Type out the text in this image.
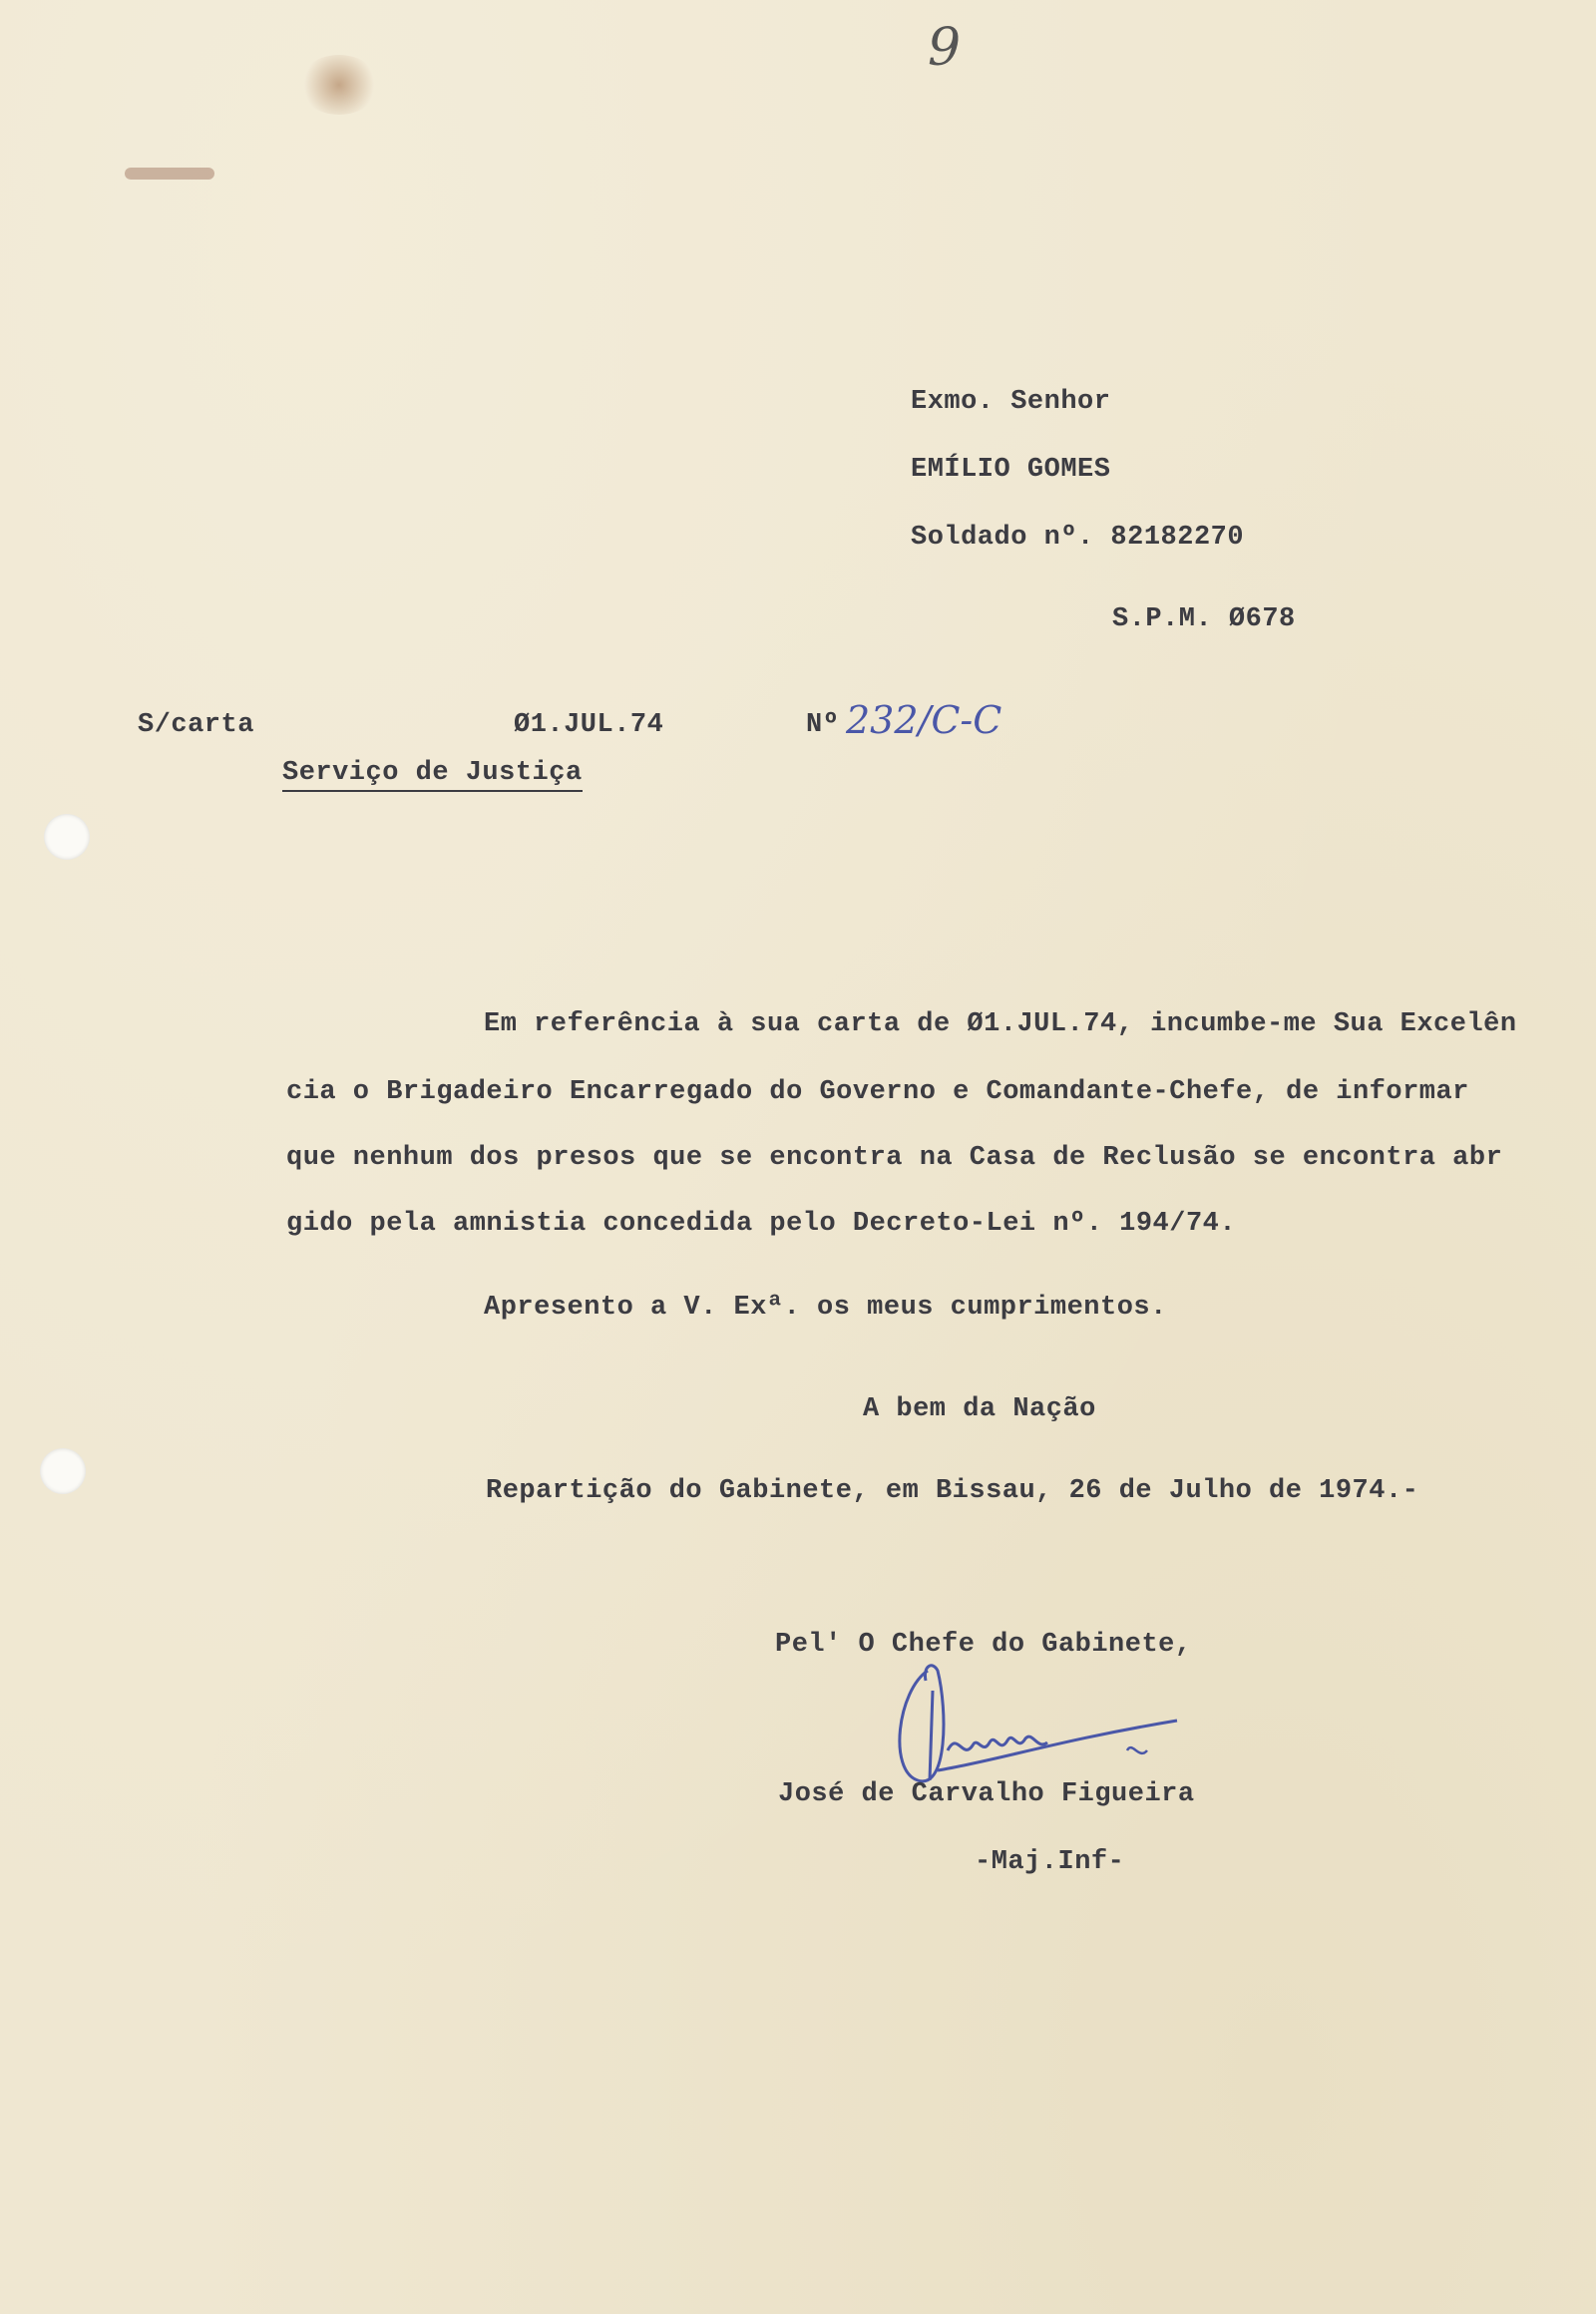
9
Exmo. Senhor
EMÍLIO GOMES
Soldado nº. 82182270
S.P.M. Ø678
S/carta	Ø1.JUL.74	Nº 232/C-C
Serviço de Justiça
Em referência à sua carta de Ø1.JUL.74, incumbe-me Sua Excelên
cia o Brigadeiro Encarregado do Governo e Comandante-Chefe, de informar
que nenhum dos presos que se encontra na Casa de Reclusão se encontra abr
gido pela amnistia concedida pelo Decreto-Lei nº. 194/74.
Apresento a V. Exª. os meus cumprimentos.
A bem da Nação
Repartição do Gabinete, em Bissau, 26 de Julho de 1974.-
Pel' O Chefe do Gabinete,
José de Carvalho Figueira
-Maj.Inf-
